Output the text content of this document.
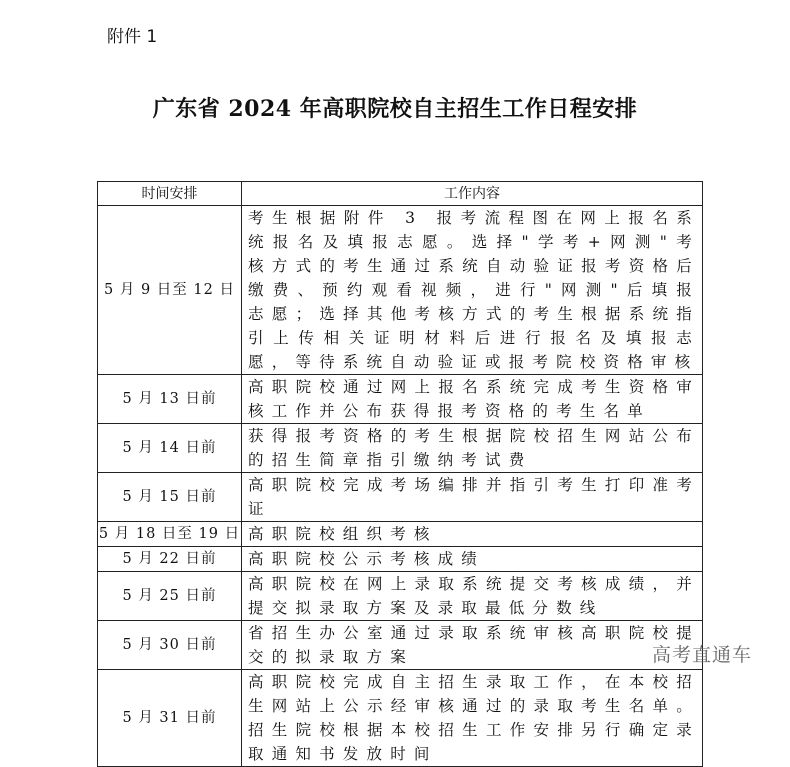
附件 1
广东省 2024 年高职院校自主招生工作日程安排
时间安排	工作内容
5 月 9 日至 12 日	考生根据附件 3 报考流程图在网上报名系统报名及填报志愿。选择"学考+网测"考核方式的考生通过系统自动验证报考资格后缴费、预约观看视频，进行"网测"后填报志愿；选择其他考核方式的考生根据系统指引上传相关证明材料后进行报名及填报志愿，等待系统自动验证或报考院校资格审核
5 月 13 日前	高职院校通过网上报名系统完成考生资格审核工作并公布获得报考资格的考生名单
5 月 14 日前	获得报考资格的考生根据院校招生网站公布的招生简章指引缴纳考试费
5 月 15 日前	高职院校完成考场编排并指引考生打印准考证
5 月 18 日至 19 日	高职院校组织考核
5 月 22 日前	高职院校公示考核成绩
5 月 25 日前	高职院校在网上录取系统提交考核成绩，并提交拟录取方案及录取最低分数线
5 月 30 日前	省招生办公室通过录取系统审核高职院校提交的拟录取方案
5 月 31 日前	高职院校完成自主招生录取工作，在本校招生网站上公示经审核通过的录取考生名单。招生院校根据本校招生工作安排另行确定录取通知书发放时间
高考直通车
